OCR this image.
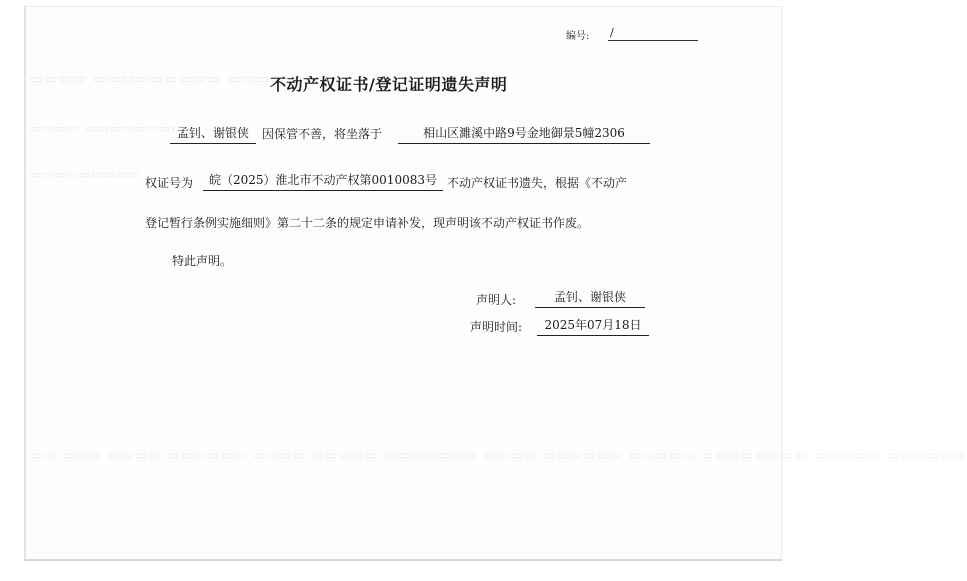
▭▭▭▭ ▭▭▭▭▭▭▭▭▭ ▭▭▭▭▭
▭▭▭▭ ▭▭▭▭▭▭▭▭
▭▭▭▭▭▭▭▭▭
▭▭ ▭▭▭ ▭▭▭▭ ▭▭▭▭▭▭ ▭▭▭▭ ▭▭▭▭▭ ▭▭▭▭▭▭▭ ▭▭▭▭ ▭▭▭▭▭▭ ▭▭▭▭▭ ▭▭▭▭▭▭▭▭ ▭▭▭▭▭ ▭▭▭▭▭▭
编号: /
不动产权证书/登记证明遗失声明
孟钊、谢银侠	因保管不善，将坐落于	相山区濉溪中路9号金地御景5幢2306
权证号为	皖（2025）淮北市不动产权第0010083号 不动产权证书遗失，根据《不动产
登记暂行条例实施细则》第二十二条的规定申请补发，现声明该不动产权证书作废。
特此声明。
声明人:	孟钊、谢银侠
声明时间:	2025年07月18日
